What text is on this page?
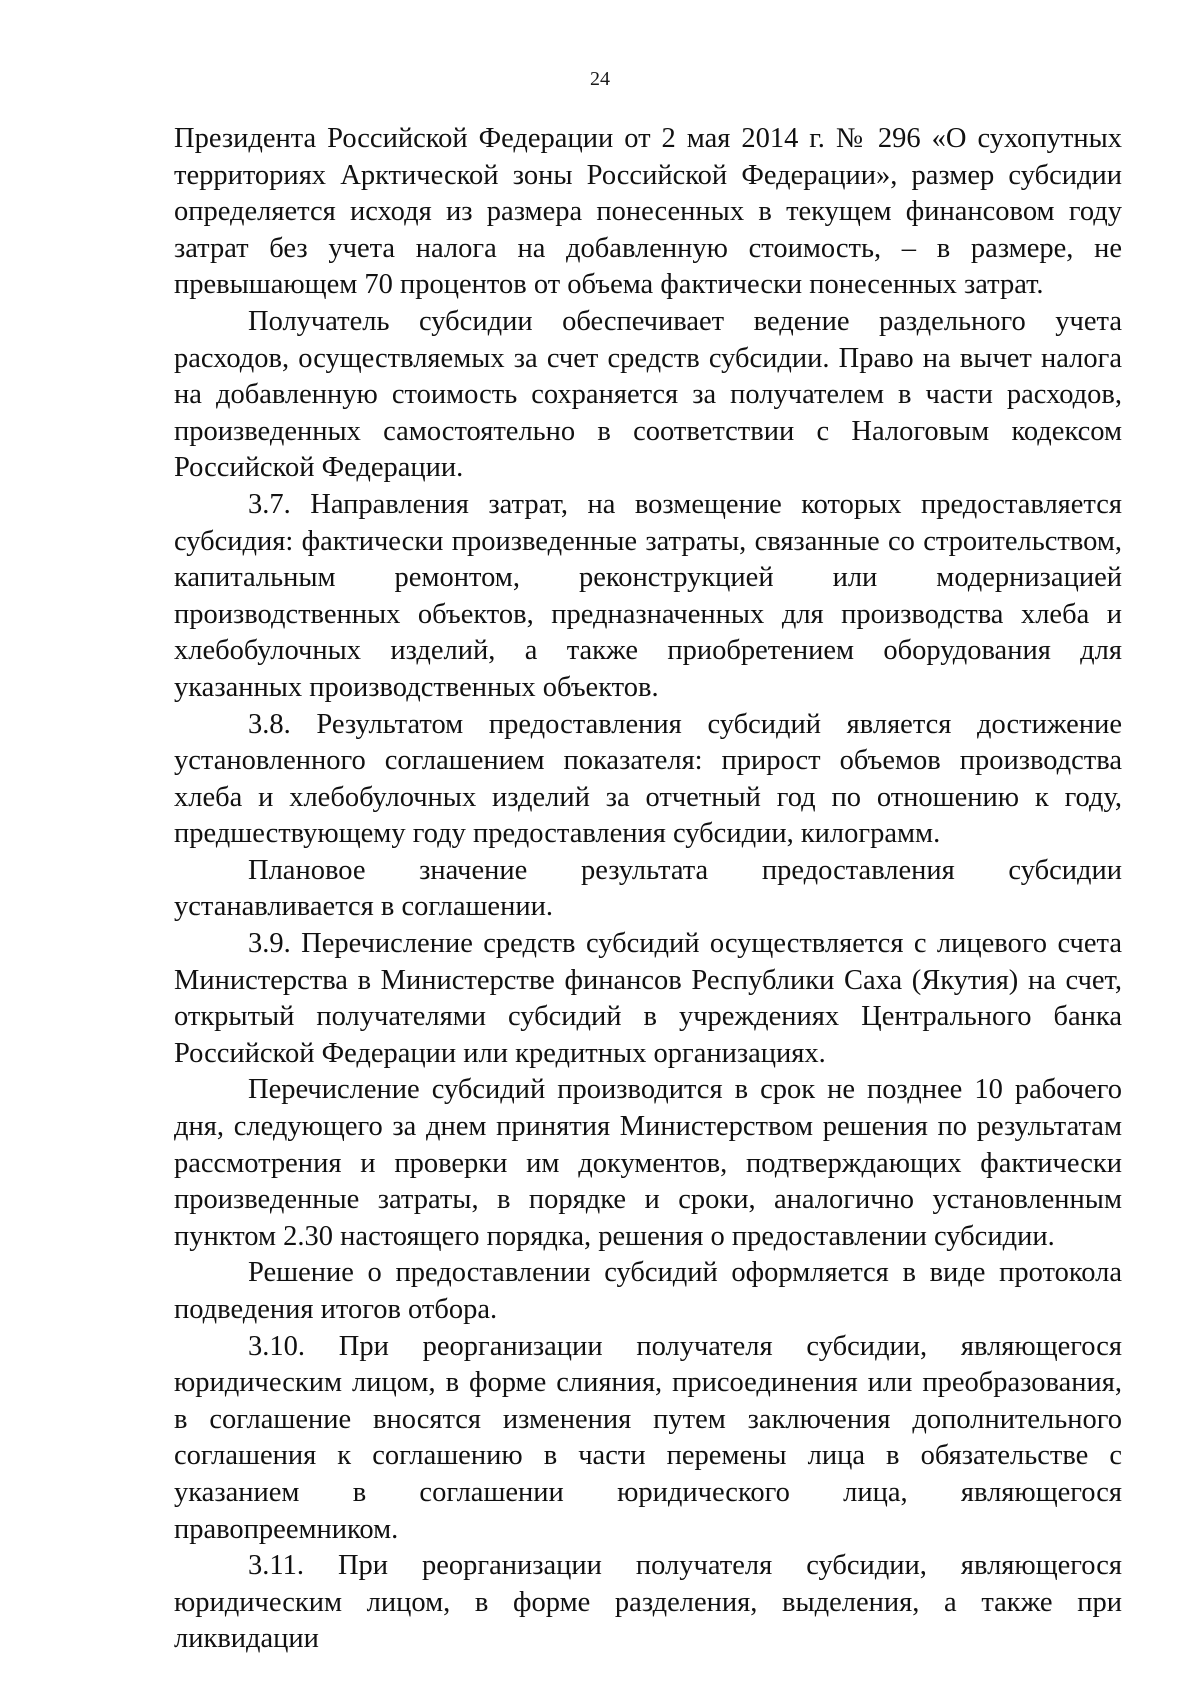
24

Президента Российской Федерации от 2 мая 2014 г. № 296 «О сухопутных территориях Арктической зоны Российской Федерации», размер субсидии определяется исходя из размера понесенных в текущем финансовом году затрат без учета налога на добавленную стоимость, – в размере, не превышающем 70 процентов от объема фактически понесенных затрат.

Получатель субсидии обеспечивает ведение раздельного учета расходов, осуществляемых за счет средств субсидии. Право на вычет налога на добавленную стоимость сохраняется за получателем в части расходов, произведенных самостоятельно в соответствии с Налоговым кодексом Российской Федерации.

3.7. Направления затрат, на возмещение которых предоставляется субсидия: фактически произведенные затраты, связанные со строительством, капитальным ремонтом, реконструкцией или модернизацией производственных объектов, предназначенных для производства хлеба и хлебобулочных изделий, а также приобретением оборудования для указанных производственных объектов.

3.8. Результатом предоставления субсидий является достижение установленного соглашением показателя: прирост объемов производства хлеба и хлебобулочных изделий за отчетный год по отношению к году, предшествующему году предоставления субсидии, килограмм.

Плановое значение результата предоставления субсидии устанавливается в соглашении.

3.9. Перечисление средств субсидий осуществляется с лицевого счета Министерства в Министерстве финансов Республики Саха (Якутия) на счет, открытый получателями субсидий в учреждениях Центрального банка Российской Федерации или кредитных организациях.

Перечисление субсидий производится в срок не позднее 10 рабочего дня, следующего за днем принятия Министерством решения по результатам рассмотрения и проверки им документов, подтверждающих фактически произведенные затраты, в порядке и сроки, аналогично установленным пунктом 2.30 настоящего порядка, решения о предоставлении субсидии.

Решение о предоставлении субсидий оформляется в виде протокола подведения итогов отбора.

3.10. При реорганизации получателя субсидии, являющегося юридическим лицом, в форме слияния, присоединения или преобразования, в соглашение вносятся изменения путем заключения дополнительного соглашения к соглашению в части перемены лица в обязательстве с указанием в соглашении юридического лица, являющегося правопреемником.

3.11. При реорганизации получателя субсидии, являющегося юридическим лицом, в форме разделения, выделения, а также при ликвидации
